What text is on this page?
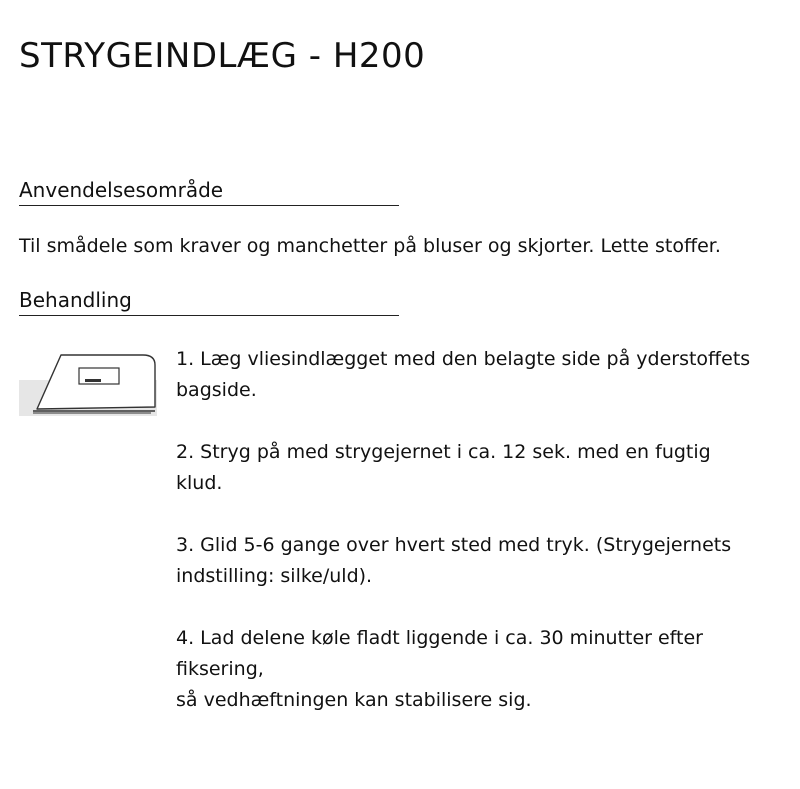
STRYGEINDLÆG - H200
Anvendelsesområde
Til smådele som kraver og manchetter på bluser og skjorter. Lette stoffer.
Behandling
1. Læg vliesindlægget med den belagte side på yderstoffets
bagside.
2. Stryg på med strygejernet i ca. 12 sek. med en fugtig
klud.
3. Glid 5-6 gange over hvert sted med tryk. (Strygejernets
indstilling: silke/uld).
4. Lad delene køle fladt liggende i ca. 30 minutter efter
fiksering,
så vedhæftningen kan stabilisere sig.
